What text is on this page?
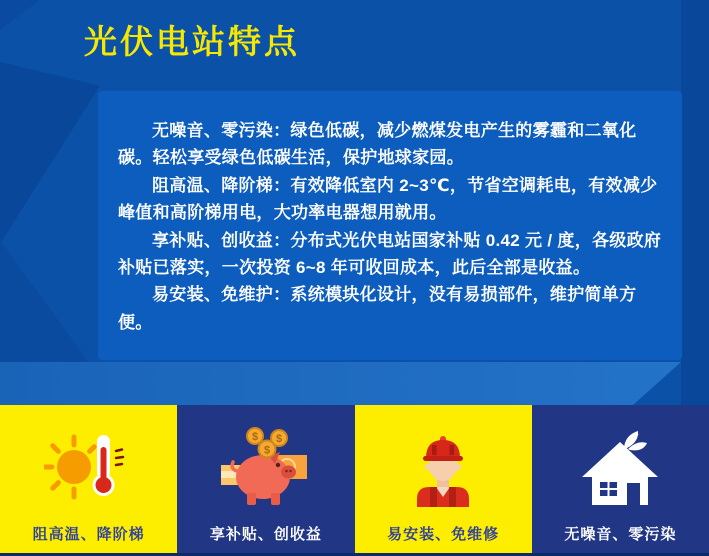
光伏电站特点

无噪音、零污染：绿色低碳，减少燃煤发电产生的雾霾和二氧化碳。轻松享受绿色低碳生活，保护地球家园。

阻高温、降阶梯：有效降低室内 2~3℃，节省空调耗电，有效减少峰值和高阶梯用电，大功率电器想用就用。

享补贴、创收益：分布式光伏电站国家补贴 0.42 元 / 度，各级政府补贴已落实，一次投资 6~8 年可收回成本，此后全部是收益。

易安装、免维护：系统模块化设计，没有易损部件，维护简单方便。

阻高温、降阶梯
$ $
$
享补贴、创收益	易安装、免维修	无噪音、零污染
